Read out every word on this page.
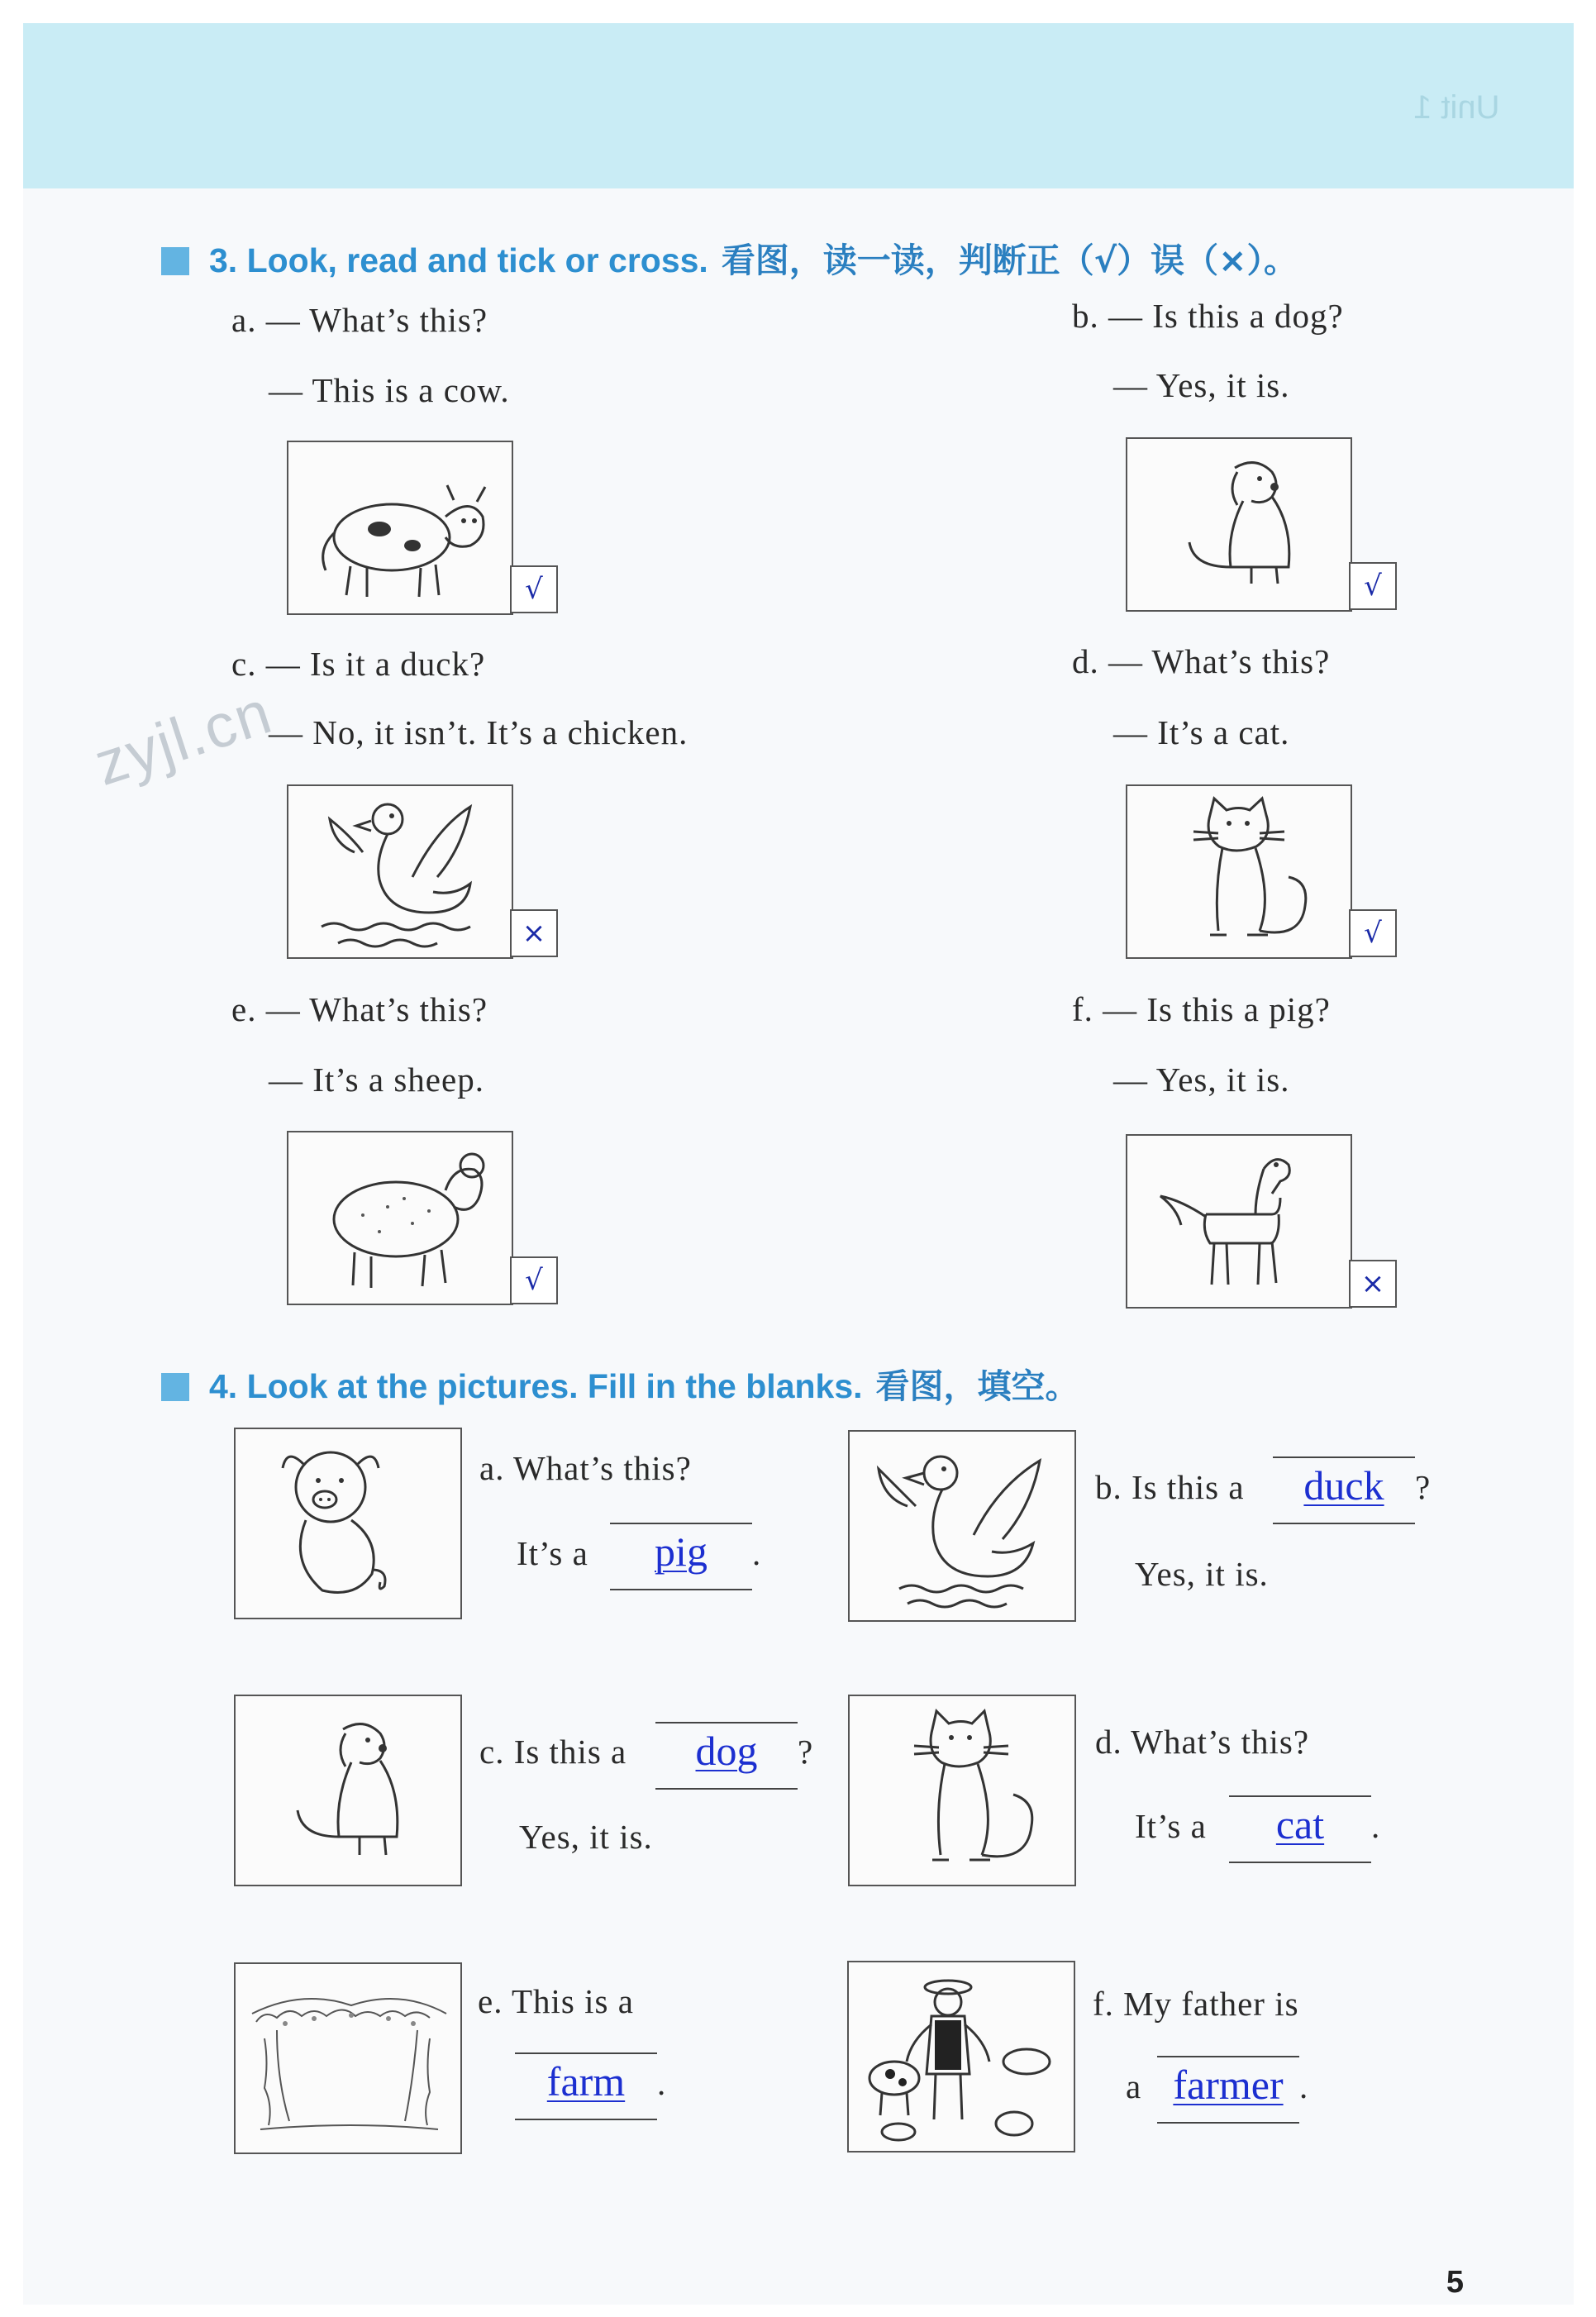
Unit 1
zyjl.cn
3. Look, read and tick or cross. 看图，读一读，判断正（√）误（×）。
a. — What’s this?
— This is a cow.
√
b. — Is this a dog?
— Yes, it is.
√
c. — Is it a duck?
— No, it isn’t. It’s a chicken.
×
d. — What’s this?
— It’s a cat.
√
e. — What’s this?
— It’s a sheep.
√
f. — Is this a pig?
— Yes, it is.
×
4. Look at the pictures. Fill in the blanks. 看图，填空。
a. What’s this?
It’s a	pig	.
b. Is this a	duck ?
Yes, it is.
c. Is this a	dog	?
Yes, it is.
d. What’s this?
It’s a	cat	.
e. This is a
farm .
f. My father is
a farmer .
5
